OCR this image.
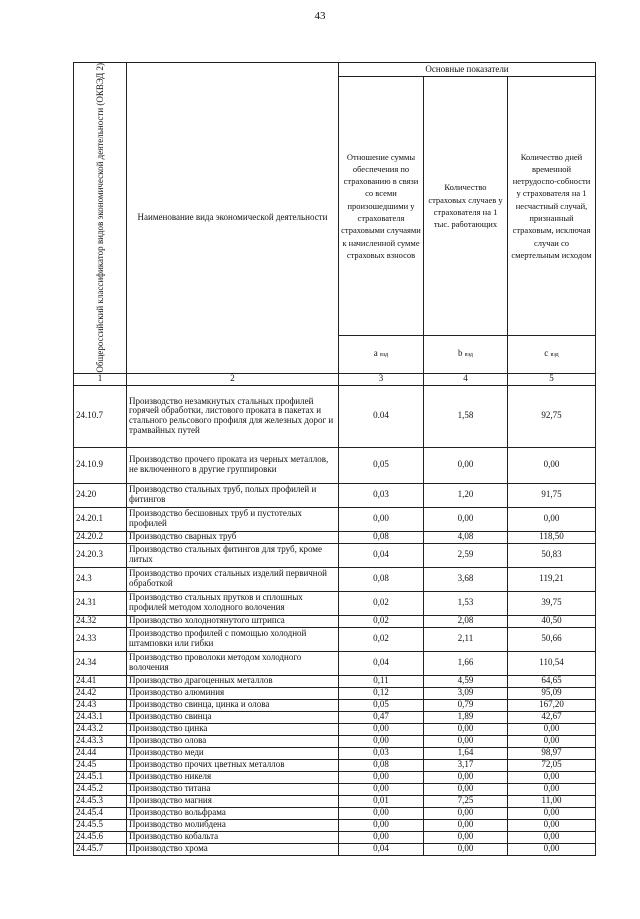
43
Общероссийский классификатор видов экономической деятельности (ОКВЭД 2)	Наименование вида экономической деятельности	Основные показатели		
		Отношение суммы обеспечения по страхованию в связи со всеми произошедшими у страхователя страховыми случаями к начисленной сумме страховых взносов	Количество страховых случаев у страхователя на 1 тыс. работающих	Количество дней временной нетрудоспо-собности у страхователя на 1 несчастный случай, признанный страховым, исключая случаи со смертельным исходом
		a вэд	b вэд	c вэд
1	2	3	4	5
24.10.7	Производство незамкнутых стальных профилей горячей обработки, листового проката в пакетах и стального рельсового профиля для железных дорог и трамвайных путей	0.04	1,58	92,75
24.10.9	Производство прочего проката из черных металлов, не включенного в другие группировки	0,05	0,00	0,00
24.20	Производство стальных труб, полых профилей и фитингов	0,03	1,20	91,75
24.20.1	Производство бесшовных труб и пустотелых профилей	0,00	0,00	0,00
24.20.2	Производство сварных труб	0,08	4,08	118,50
24.20.3	Производство стальных фитингов для труб, кроме литых	0,04	2,59	50,83
24.3	Производство прочих стальных изделий первичной обработкой	0,08	3,68	119,21
24.31	Производство стальных прутков и сплошных профилей методом холодного волочения	0,02	1,53	39,75
24.32	Производство холоднотянутого штрипса	0,02	2,08	40,50
24.33	Производство профилей с помощью холодной штамповки или гибки	0,02	2,11	50,66
24.34	Производство проволоки методом холодного волочения	0,04	1,66	110,54
24.41	Производство драгоценных металлов	0,11	4,59	64,65
24.42	Производство алюминия	0,12	3,09	95,09
24.43	Производство свинца, цинка и олова	0,05	0,79	167,20
24.43.1	Производство свинца	0,47	1,89	42,67
24.43.2	Производство цинка	0,00	0,00	0,00
24.43.3	Производство олова	0,00	0,00	0,00
24.44	Производство меди	0,03	1,64	98,97
24.45	Производство прочих цветных металлов	0,08	3,17	72,05
24.45.1	Производство никеля	0,00	0,00	0,00
24.45.2	Производство титана	0,00	0,00	0,00
24.45.3	Производство магния	0,01	7,25	11,00
24.45.4	Производство вольфрама	0,00	0,00	0,00
24.45.5	Производство молибдена	0,00	0,00	0,00
24.45.6	Производство кобальта	0,00	0,00	0,00
24.45.7	Производство хрома	0,04	0,00	0,00
